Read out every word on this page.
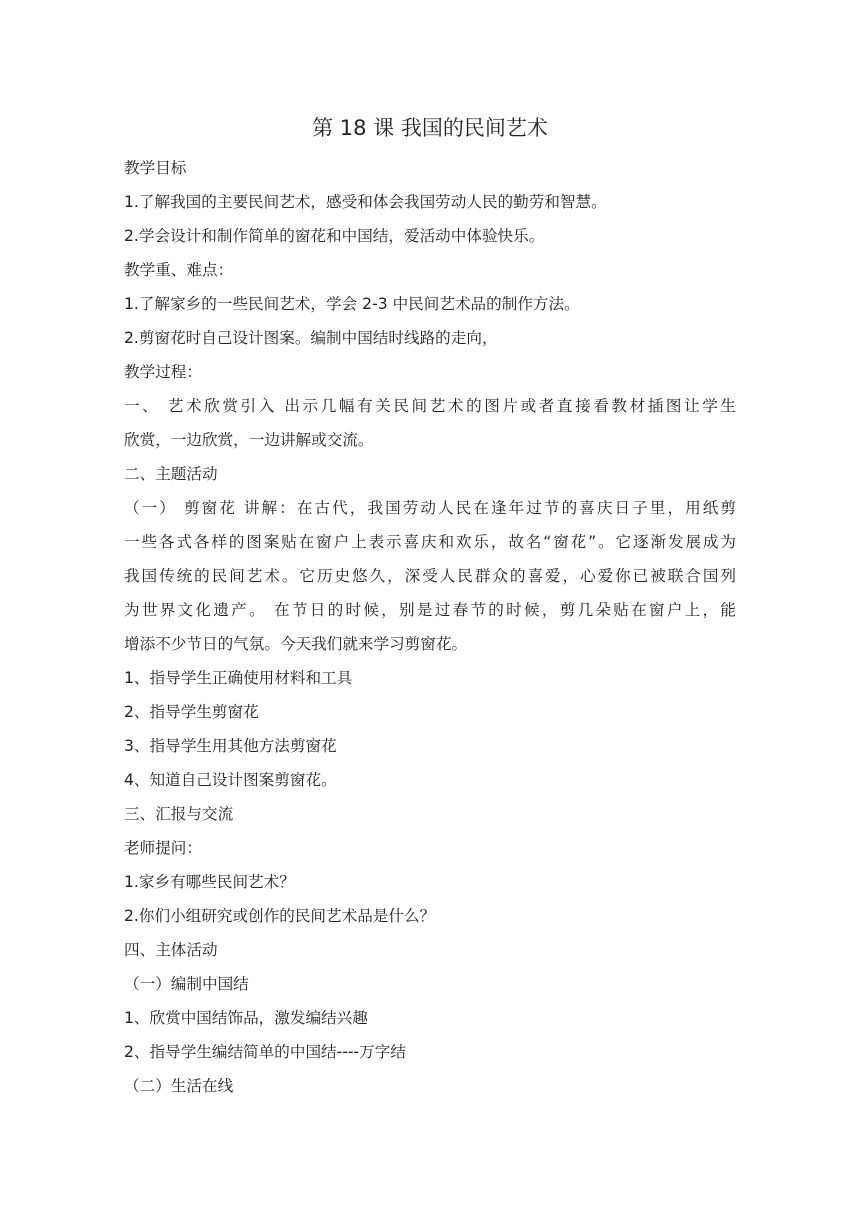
第 18 课 我国的民间艺术
教学目标
1.了解我国的主要民间艺术，感受和体会我国劳动人民的勤劳和智慧。
2.学会设计和制作简单的窗花和中国结，爱活动中体验快乐。
教学重、难点：
1.了解家乡的一些民间艺术，学会 2-3 中民间艺术品的制作方法。
2.剪窗花时自己设计图案。编制中国结时线路的走向，
教学过程：
一、 艺术欣赏引入 出示几幅有关民间艺术的图片或者直接看教材插图让学生
欣赏，一边欣赏，一边讲解或交流。
二、主题活动
（一） 剪窗花 讲解：在古代，我国劳动人民在逢年过节的喜庆日子里，用纸剪
一些各式各样的图案贴在窗户上表示喜庆和欢乐，故名“窗花”。它逐渐发展成为
我国传统的民间艺术。它历史悠久，深受人民群众的喜爱，心爱你已被联合国列
为世界文化遗产。 在节日的时候，别是过春节的时候，剪几朵贴在窗户上，能
增添不少节日的气氛。今天我们就来学习剪窗花。
1、指导学生正确使用材料和工具
2、指导学生剪窗花
3、指导学生用其他方法剪窗花
4、知道自己设计图案剪窗花。
三、汇报与交流
老师提问：
1.家乡有哪些民间艺术？
2.你们小组研究或创作的民间艺术品是什么？
四、主体活动
（一）编制中国结
1、欣赏中国结饰品，激发编结兴趣
2、指导学生编结简单的中国结----万字结
（二）生活在线
